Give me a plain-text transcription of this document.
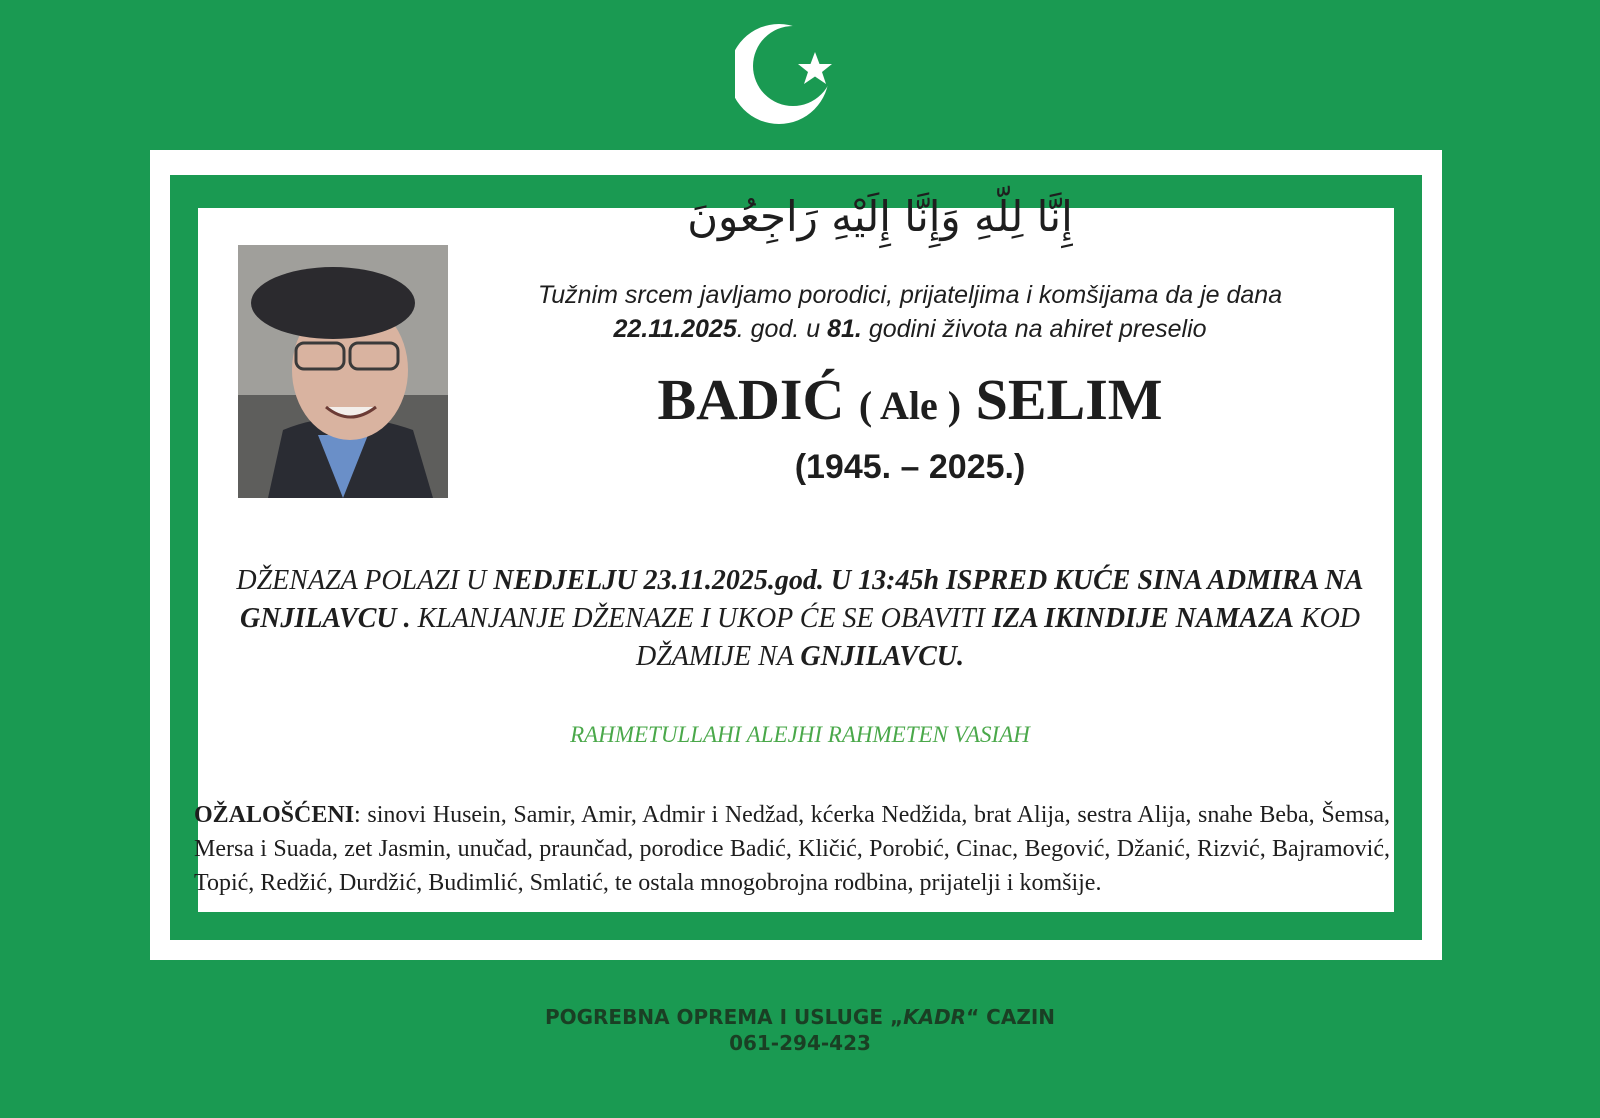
إِنَّا لِلّهِ وَإِنَّا إِلَيْهِ رَاجِعُونَ
Tužnim srcem javljamo porodici, prijateljima i komšijama da je dana
22.11.2025. god. u 81. godini života na ahiret preselio
BADIĆ ( Ale ) SELIM
(1945. – 2025.)
DŽENAZA POLAZI U NEDJELJU 23.11.2025.god. U 13:45h ISPRED KUĆE SINA ADMIRA NA GNJILAVCU . KLANJANJE DŽENAZE I UKOP ĆE SE OBAVITI IZA IKINDIJE NAMAZA KOD DŽAMIJE NA GNJILAVCU.
RAHMETULLAHI ALEJHI RAHMETEN VASIAH
OŽALOŠĆENI: sinovi Husein, Samir, Amir, Admir i Nedžad, kćerka Nedžida, brat Alija, sestra Alija, snahe Beba, Šemsa, Mersa i Suada, zet Jasmin, unučad, praunčad, porodice Badić, Kličić, Porobić, Cinac, Begović, Džanić, Rizvić, Bajramović, Topić, Redžić, Durdžić, Budimlić, Smlatić, te ostala mnogobrojna rodbina, prijatelji i komšije.
POGREBNA OPREMA I USLUGE „KADR“ CAZIN
061-294-423
